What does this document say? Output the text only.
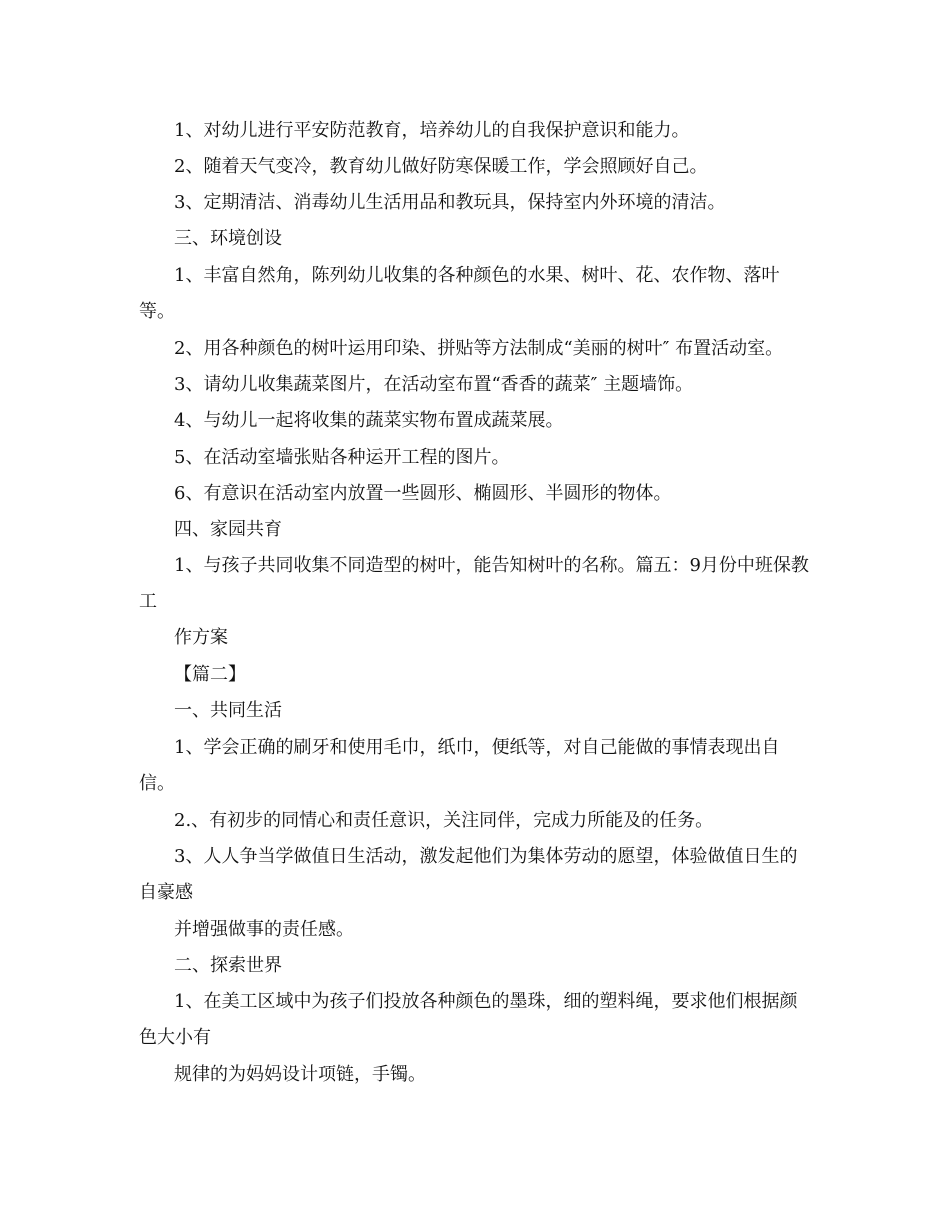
1、对幼儿进行平安防范教育，培养幼儿的自我保护意识和能力。

2、随着天气变冷，教育幼儿做好防寒保暖工作，学会照顾好自己。

3、定期清洁、消毒幼儿生活用品和教玩具，保持室内外环境的清洁。

三、环境创设

1、丰富自然角，陈列幼儿收集的各种颜色的水果、树叶、花、农作物、落叶等。

2、用各种颜色的树叶运用印染、拼贴等方法制成“美丽的树叶″ 布置活动室。

3、请幼儿收集蔬菜图片，在活动室布置“香香的蔬菜″ 主题墙饰。

4、与幼儿一起将收集的蔬菜实物布置成蔬菜展。

5、在活动室墙张贴各种运开工程的图片。

6、有意识在活动室内放置一些圆形、椭圆形、半圆形的物体。

四、家园共育

1、与孩子共同收集不同造型的树叶，能告知树叶的名称。篇五：9月份中班保教工

作方案

【篇二】

一、共同生活

1、学会正确的刷牙和使用毛巾，纸巾，便纸等，对自己能做的事情表现出自信。

2.、有初步的同情心和责任意识，关注同伴，完成力所能及的任务。

3、人人争当学做值日生活动，激发起他们为集体劳动的愿望，体验做值日生的自豪感

并增强做事的责任感。

二、探索世界

1、在美工区域中为孩子们投放各种颜色的墨珠，细的塑料绳，要求他们根据颜色大小有

规律的为妈妈设计项链，手镯。
